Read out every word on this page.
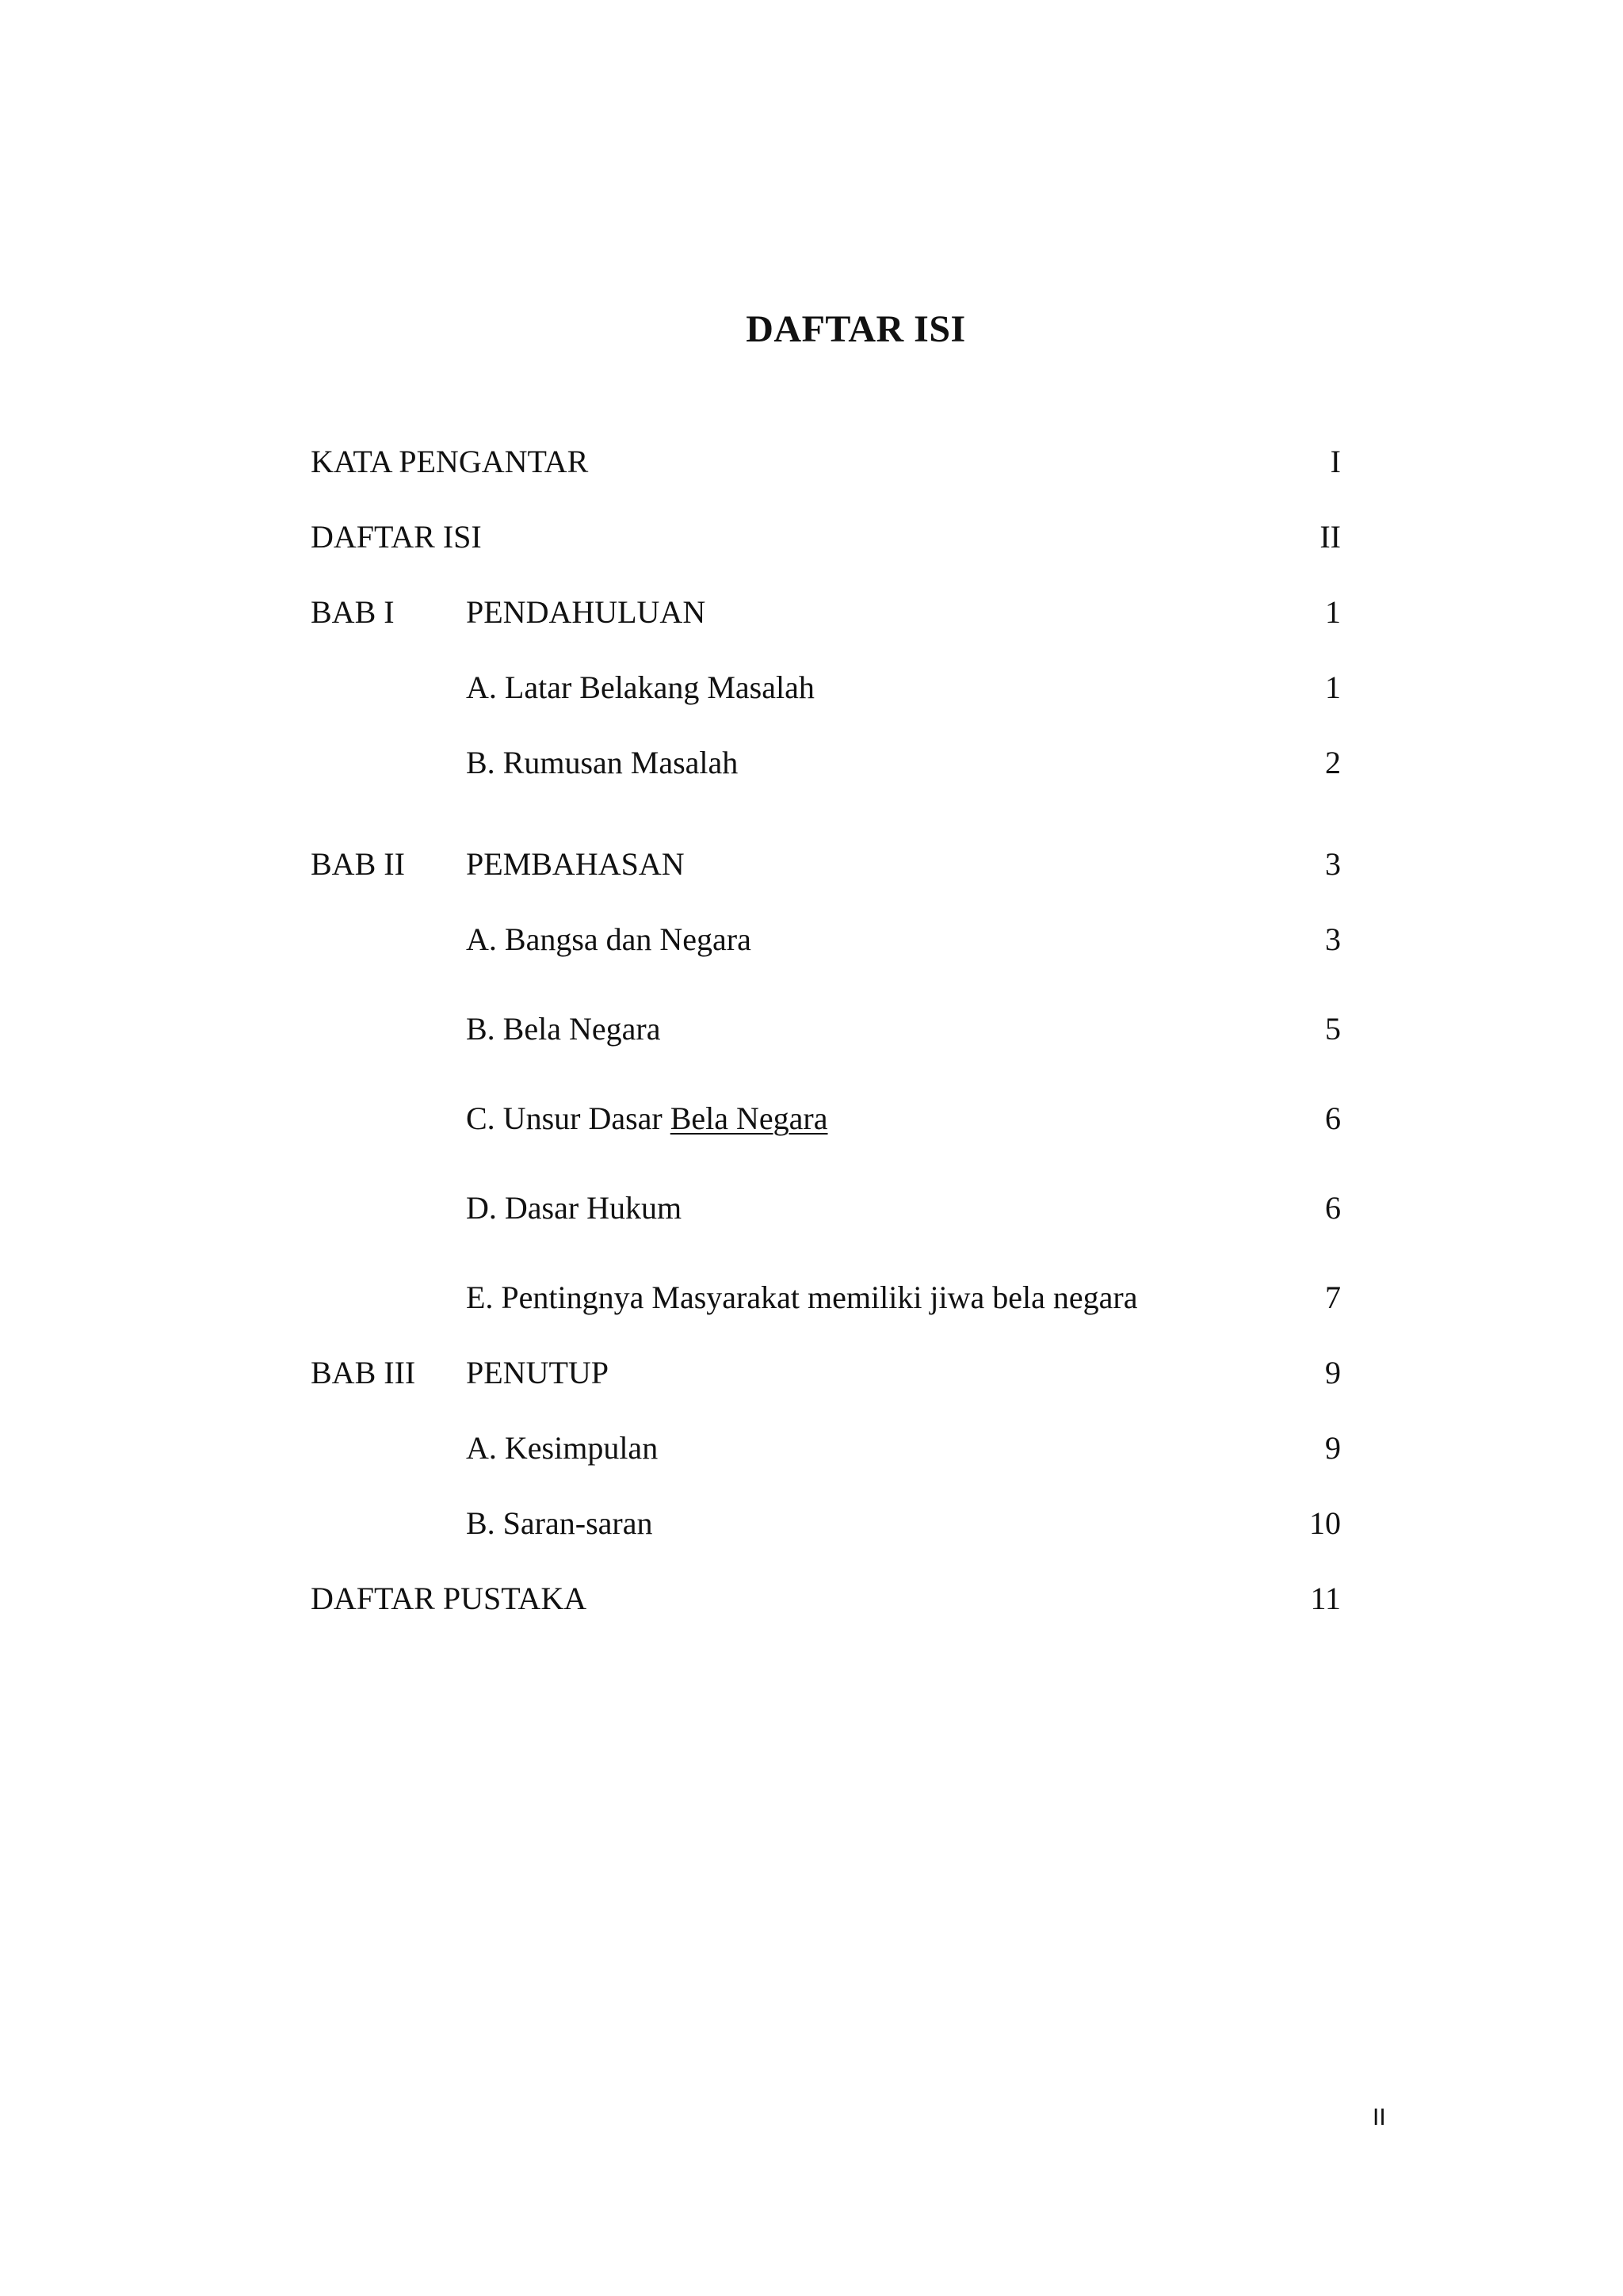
DAFTAR ISI
KATA PENGANTAR	I
DAFTAR ISI	II
BAB I PENDAHULUAN	1
A. Latar Belakang Masalah	1
B. Rumusan Masalah	2
BAB II PEMBAHASAN	3
A. Bangsa dan Negara	3
B. Bela Negara	5
C. Unsur Dasar Bela Negara	6
D. Dasar Hukum	6
E. Pentingnya Masyarakat memiliki jiwa bela negara	7
BAB III PENUTUP	9
A. Kesimpulan	9
B. Saran-saran	10
DAFTAR PUSTAKA	11
II
